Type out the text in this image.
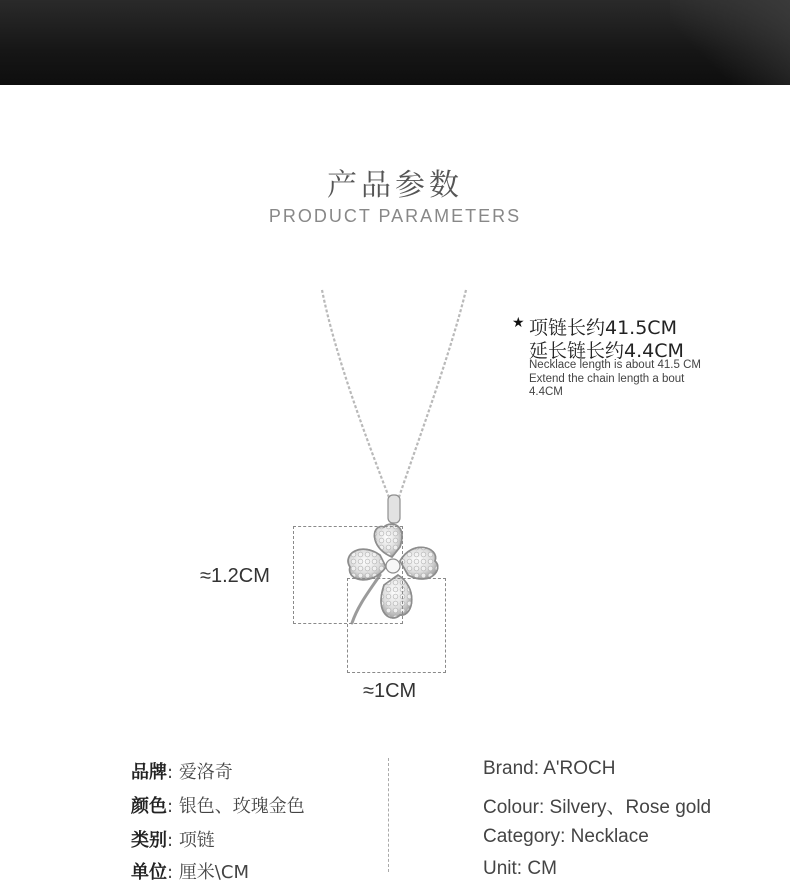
产品参数
PRODUCT PARAMETERS
≈1.2CM
≈1CM
★ 项链长约41.5CM
延长链长约4.4CM
Necklace length is about 41.5 CM Extend the chain length a bout 4.4CM
品牌: 爱洛奇
颜色: 银色、玫瑰金色
类别: 项链
单位: 厘米\CM
Brand: A'ROCH
Colour: Silvery、Rose gold
Category: Necklace
Unit: CM
